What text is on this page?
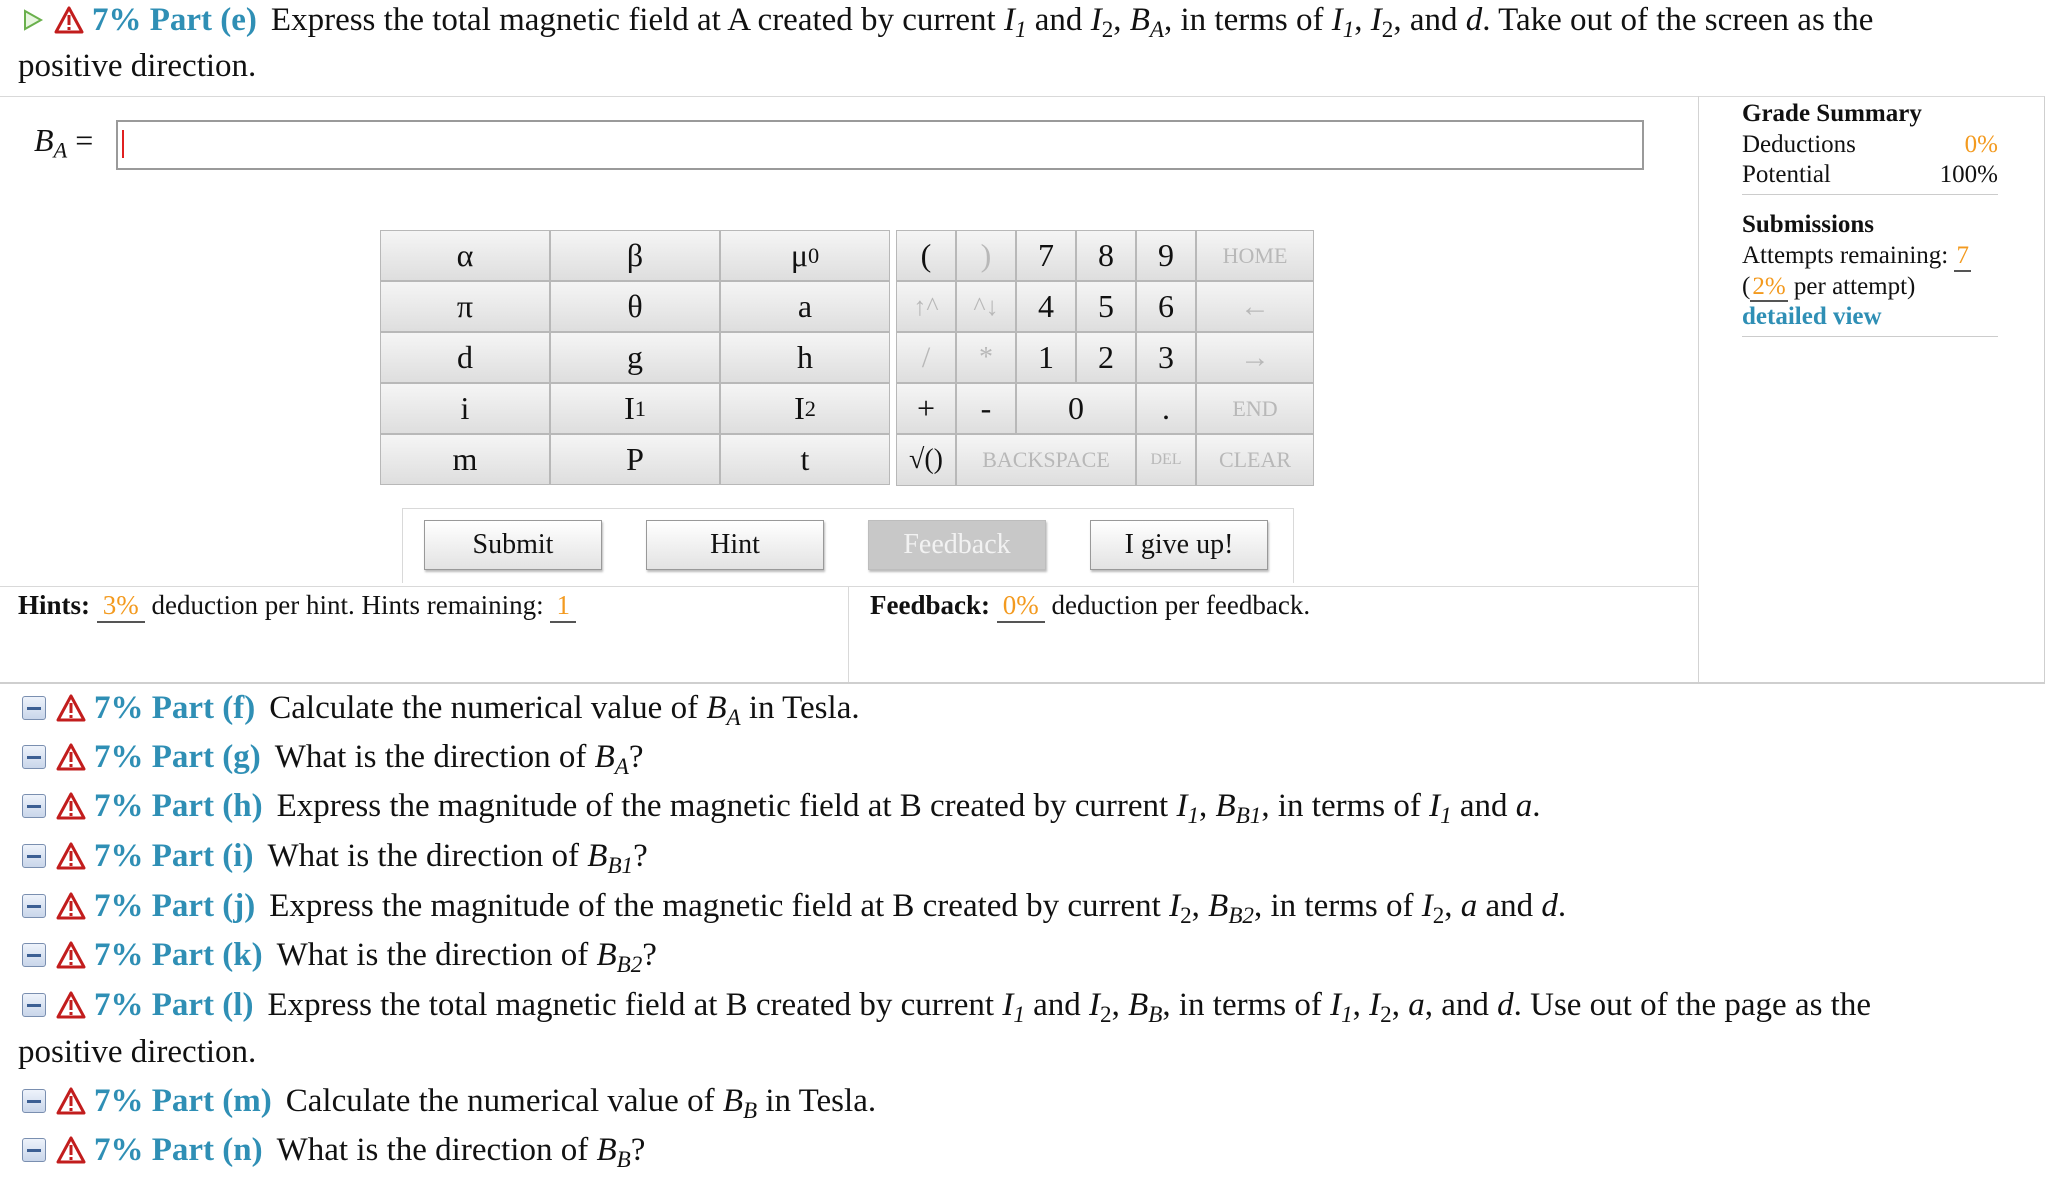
7% Part (e) Express the total magnetic field at A created by current $I_1$ and $I_2$, $B_A$, in terms of $I_1$, $I_2$, and d. Take out of the screen as the
positive direction.
$B_A$ =
α	β	μ 0
π	θ	a
d	g	h
i	I 1	I 2
m	P	t
( ) 7 8 9 HOME
↑^ ^↓ 4 5 6 ←
/ * 1 2 3 →
+ - 0 .	END
√() BACKSPACE	DEL CLEAR
Submit	Hint	Feedback	I give up!
Hints: 3% deduction per hint. Hints remaining: 1	Feedback: 0% deduction per feedback.
Grade Summary
Deductions	0%
Potential	100%
Submissions
Attempts remaining: 7
(2% per attempt)
detailed view
7% Part (f) Calculate the numerical value of $B_A$ in Tesla.
7% Part (g) What is the direction of $B_A$?
7% Part (h) Express the magnitude of the magnetic field at B created by current $I_1$, $B_{B1}$, in terms of $I_1$ and a.
7% Part (i) What is the direction of $B_{B1}$?
7% Part (j) Express the magnitude of the magnetic field at B created by current $I_2$, $B_{B2}$, in terms of $I_2$, a and d.
7% Part (k) What is the direction of $B_{B2}$?
7% Part (l) Express the total magnetic field at B created by current $I_1$ and $I_2$, $B_B$, in terms of $I_1$, $I_2$, a, and d. Use out of the page as the
positive direction.
7% Part (m) Calculate the numerical value of $B_B$ in Tesla.
7% Part (n) What is the direction of $B_B$?
